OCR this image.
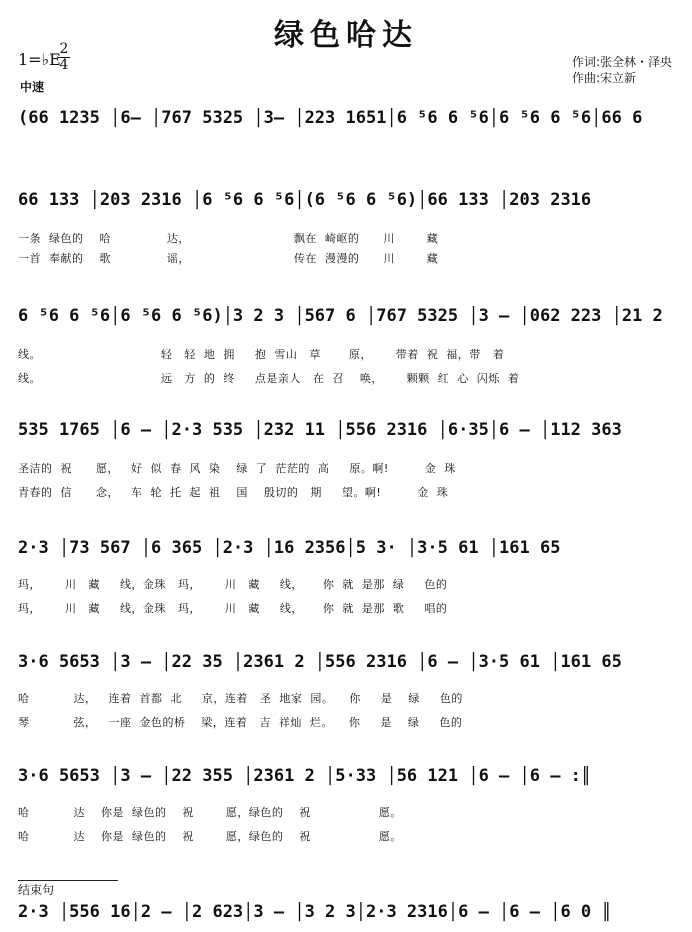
绿色哈达
1=♭E
2
4
中速
作词:张全林・泽央
作曲:宋立新
(66 1235 │6– │767 5325 │3– │223 1651│6 ⁵6 6 ⁵6│6 ⁵6 6 ⁵6│66 6
66 133 │203 2316 │6 ⁵6 6 ⁵6│(6 ⁵6 6 ⁵6)│66 133 │203 2316
一条  绿色的    哈              达，                          飘在  崎岖的      川        藏
一首  奉献的    歌              谣，                          传在  漫漫的      川        藏
6 ⁵6 6 ⁵6│6 ⁵6 6 ⁵6)│3 2 3 │567 6 │767 5325 │3 – │062 223 │21 2
线。                              轻   轻  地  拥     抱  雪山   草       原，      带着  祝  福，带   着
线。                              远   方  的  终     点是亲人   在  召    唤，      颗颗  红  心  闪烁  着
535 1765 │6 – │2·3 535 │232 11 │556 2316 │6·35│6 – │112 363
圣洁的  祝      愿，   好  似  春  风  染    绿  了  茫茫的  高     原。啊!         金  珠
青春的  信      念，   车  轮  托  起  祖    国    殷切的   期     望。啊!         金  珠
2·3 │73 567 │6 365 │2·3 │16 2356│5 3· │3·5 61 │161 65
玛，      川   藏     线，金珠   玛，      川   藏     线，     你  就  是那  绿     色的
玛，      川   藏     线，金珠   玛，      川   藏     线，     你  就  是那  歌     唱的
3·6 5653 │3 – │22 35 │2361 2 │556 2316 │6 – │3·5 61 │161 65
哈           达，   连着  首都  北     京，连着   圣  地家  园。    你     是    绿     色的
琴           弦，   一座  金色的桥    梁，连着   吉  祥灿  烂。    你     是    绿     色的
3·6 5653 │3 – │22 355 │2361 2 │5·33 │56 121 │6 – │6 – :║
哈           达    你是  绿色的    祝        愿，绿色的    祝                 愿。
哈           达    你是  绿色的    祝        愿，绿色的    祝                 愿。
结束句
2·3 │556 16│2 – │2 623│3 – │3 2 3│2·3 2316│6 – │6 – │6 0 ║
